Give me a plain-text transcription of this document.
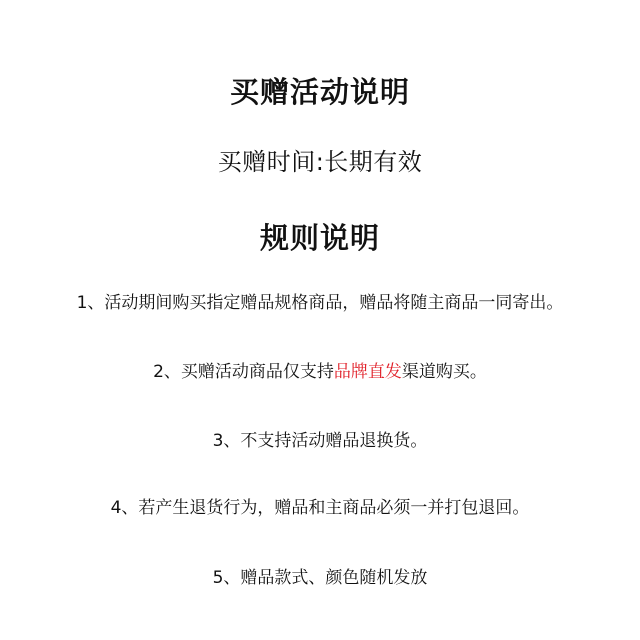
买赠活动说明
买赠时间:长期有效
规则说明
1、活动期间购买指定赠品规格商品，赠品将随主商品一同寄出。
2、买赠活动商品仅支持品牌直发渠道购买。
3、不支持活动赠品退换货。
4、若产生退货行为，赠品和主商品必须一并打包退回。
5、赠品款式、颜色随机发放
